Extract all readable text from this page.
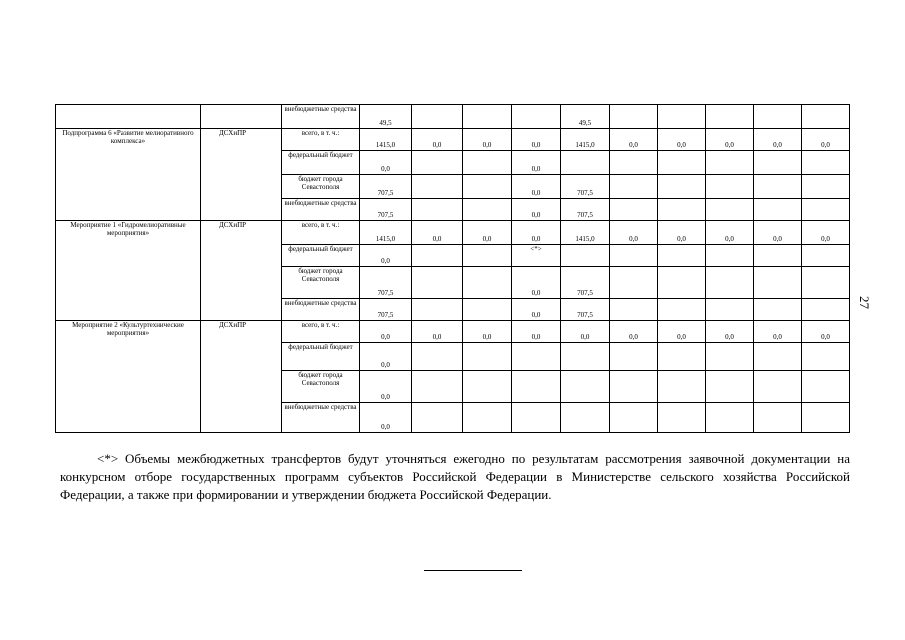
		внебюджетные средства	49,5				49,5					
Подпрограмма 6 «Развитие мелиоративного комплекса»	ДСХиПР	всего, в т. ч.:	1415,0	0,0	0,0	0,0	1415,0	0,0	0,0	0,0	0,0	0,0
		федеральный бюджет	0,0			0,0						
		бюджет города Севастополя	707,5			0,0	707,5					
		внебюджетные средства	707,5			0,0	707,5					
Мероприятие 1 «Гидромелиоративные мероприятия»	ДСХиПР	всего, в т. ч.:	1415,0	0,0	0,0	0,0	1415,0	0,0	0,0	0,0	0,0	0,0
		федеральный бюджет	0,0			<*>						
		бюджет города Севастополя	707,5			0,0	707,5					
		внебюджетные средства	707,5			0,0	707,5					
Мероприятие 2 «Культуртехнические мероприятия»	ДСХиПР	всего, в т. ч.:	0,0	0,0	0,0	0,0	0,0	0,0	0,0	0,0	0,0	0,0
		федеральный бюджет	0,0									
		бюджет города Севастополя	0,0									
		внебюджетные средства	0,0									
27

<*> Объемы межбюджетных трансфертов будут уточняться ежегодно по результатам рассмотрения заявочной документации на конкурсном отборе государственных программ субъектов Российской Федерации в Министерстве сельского хозяйства Российской Федерации, а также при формировании и утверждении бюджета Российской Федерации.
